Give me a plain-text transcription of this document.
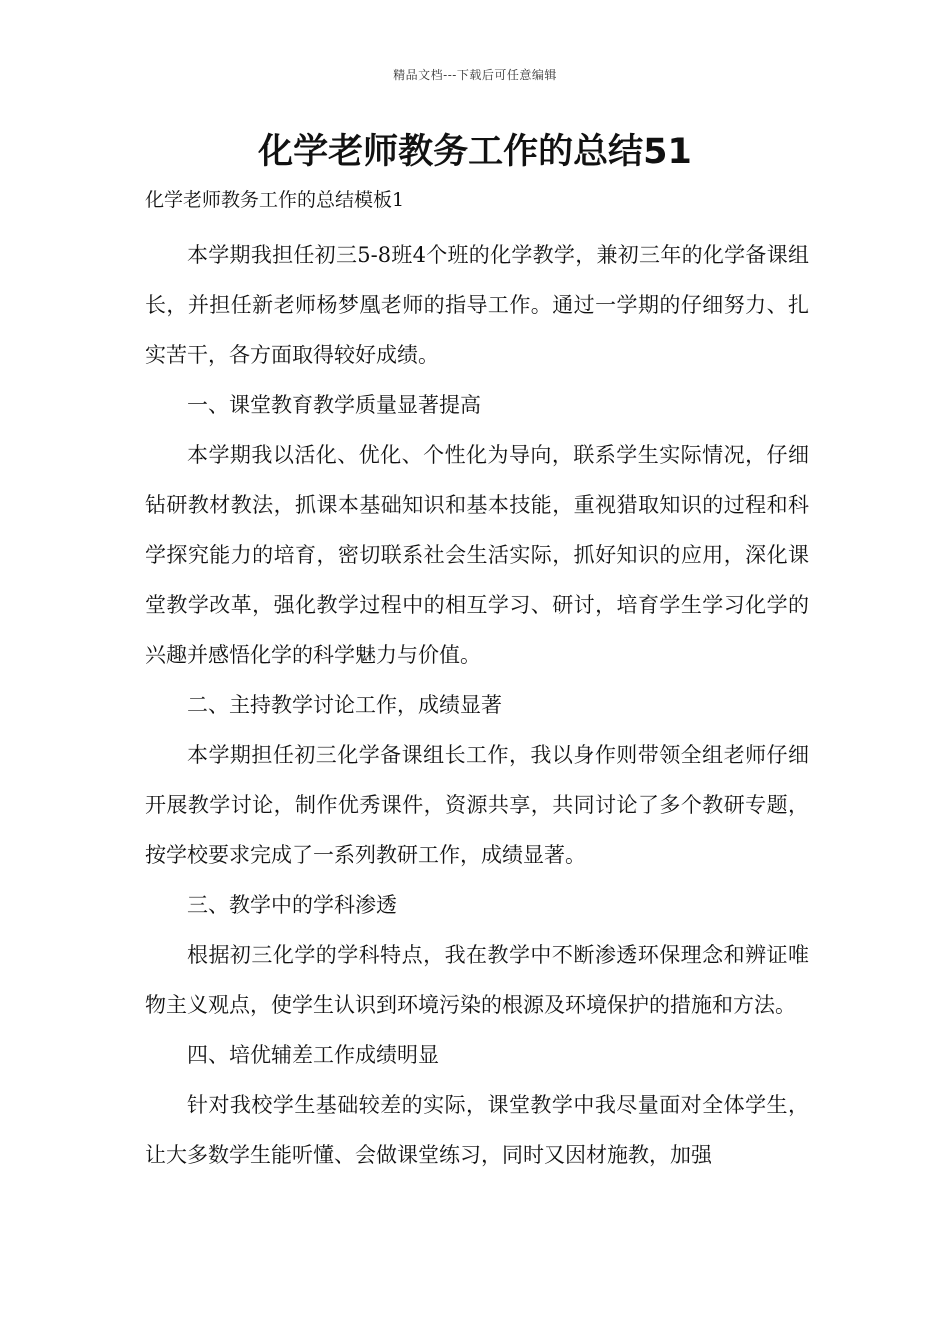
精品文档---下载后可任意编辑
化学老师教务工作的总结51

化学老师教务工作的总结模板1

本学期我担任初三5-8班4个班的化学教学，兼初三年的化学备课组长，并担任新老师杨梦凰老师的指导工作。通过一学期的仔细努力、扎实苦干，各方面取得较好成绩。

一、课堂教育教学质量显著提高

本学期我以活化、优化、个性化为导向，联系学生实际情况，仔细钻研教材教法，抓课本基础知识和基本技能，重视猎取知识的过程和科学探究能力的培育，密切联系社会生活实际，抓好知识的应用，深化课堂教学改革，强化教学过程中的相互学习、研讨，培育学生学习化学的兴趣并感悟化学的科学魅力与价值。

二、主持教学讨论工作，成绩显著

本学期担任初三化学备课组长工作，我以身作则带领全组老师仔细开展教学讨论，制作优秀课件，资源共享，共同讨论了多个教研专题，按学校要求完成了一系列教研工作，成绩显著。

三、教学中的学科渗透

根据初三化学的学科特点，我在教学中不断渗透环保理念和辨证唯物主义观点，使学生认识到环境污染的根源及环境保护的措施和方法。

四、培优辅差工作成绩明显

针对我校学生基础较差的实际，课堂教学中我尽量面对全体学生，让大多数学生能听懂、会做课堂练习，同时又因材施教，加强
